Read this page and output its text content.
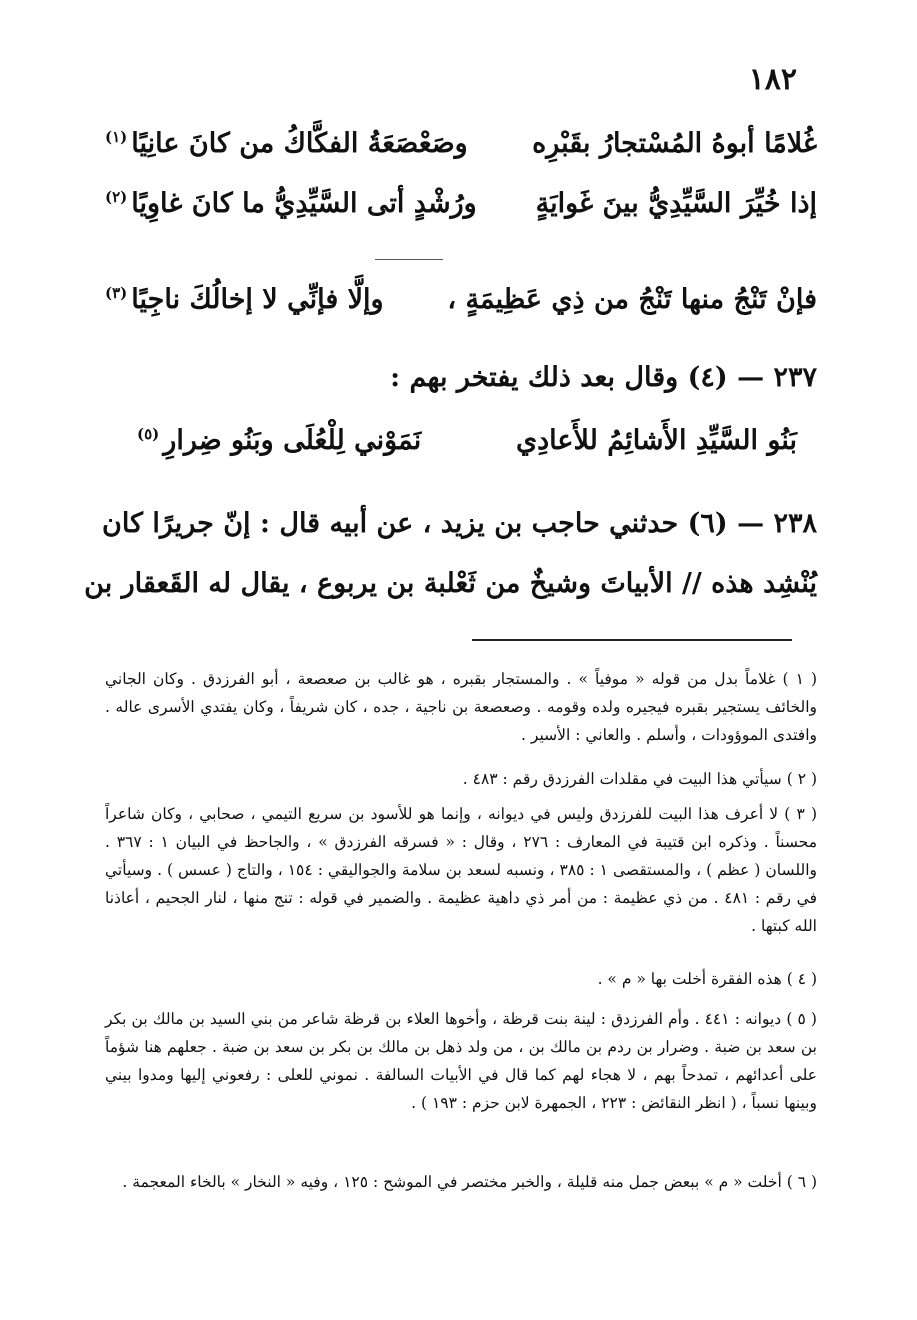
١٨٢
غُلامًا أبوهُ المُسْتجارُ بقَبْرِه
وصَعْصَعَةُ الفكَّاكُ من كانَ عانِيًا$^{(١)}$
إذا خُيِّرَ السَّيِّدِيُّ بينَ غَوايَةٍ
ورُشْدٍ أتى السَّيِّدِيُّ ما كانَ غاوِيًا$^{(٢)}$
فإنْ تَنْجُ منها تَنْجُ من ذِي عَظِيمَةٍ ،
وإلَّا فإنِّي لا إخالُكَ ناجِيًا$^{(٣)}$
٢٣٧ — (٤) وقال بعد ذلك يفتخر بهم :
بَنُو السَّيِّدِ الأَشائِمُ للأَعادِي
نَمَوْني لِلْعُلَى وبَنُو ضِرارِ$^{(٥)}$
٢٣٨ — (٦) حدثني حاجب بن يزيد ، عن أبيه قال : إنّ جريرًا كان
يُنْشِد هذه // الأبياتَ وشيخٌ من ثَعْلبة بن يربوع ، يقال له القَعقار بن
( ١ ) غلاماً بدل من قوله « موفياً » . والمستجار بقبره ، هو غالب بن صعصعة ، أبو الفرزدق . وكان الجاني والخائف يستجير بقبره فيجيره ولده وقومه . وصعصعة بن ناجية ، جده ، كان شريفاً ، وكان يفتدي الأسرى عاله . وافتدى الموؤودات ، وأسلم . والعاني : الأسير .
( ٢ ) سيأتي هذا البيت في مقلدات الفرزدق رقم : ٤٨٣ .
( ٣ ) لا أعرف هذا البيت للفرزدق وليس في ديوانه ، وإنما هو للأسود بن سريع التيمي ، صحابي ، وكان شاعراً محسناً . وذكره ابن قتيبة في المعارف : ٢٧٦ ، وقال : « فسرقه الفرزدق » ، والجاحظ في البيان ١ : ٣٦٧ . واللسان ( عظم ) ، والمستقصى ١ : ٣٨٥ ، ونسبه لسعد بن سلامة والجواليقي : ١٥٤ ، والتاج ( عسس ) . وسيأتي في رقم : ٤٨١ . من ذي عظيمة : من أمر ذي داهية عظيمة . والضمير في قوله : تنج منها ، لنار الجحيم ، أعاذنا الله كبتها .
( ٤ ) هذه الفقرة أخلت بها « م » .
( ٥ ) ديوانه : ٤٤١ . وأم الفرزدق : لينة بنت قرظة ، وأخوها العلاء بن قرظة شاعر من بني السيد بن مالك بن بكر بن سعد بن ضبة . وضرار بن ردم بن مالك بن ، من ولد ذهل بن مالك بن بكر بن سعد بن ضبة . جعلهم هنا شؤماً على أعدائهم ، تمدحاً بهم ، لا هجاء لهم كما قال في الأبيات السالفة . نموني للعلى : رفعوني إليها ومدوا بيني وبينها نسباً ، ( انظر النقائض : ٢٢٣ ، الجمهرة لابن حزم : ١٩٣ ) .
( ٦ ) أخلت « م » ببعض جمل منه قليلة ، والخبر مختصر في الموشح : ١٢٥ ، وفيه « النخار » بالخاء المعجمة .
